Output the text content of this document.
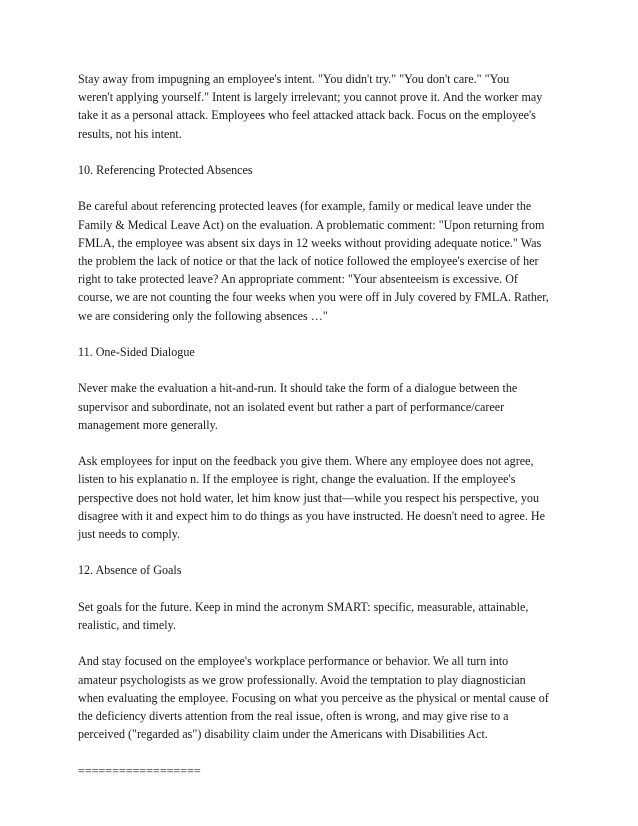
Stay away from impugning an employee's intent. "You didn't try." "You don't care." "You
weren't applying yourself." Intent is largely irrelevant; you cannot prove it. And the worker may
take it as a personal attack. Employees who feel attacked attack back. Focus on the employee's
results, not his intent.
10. Referencing Protected Absences
Be careful about referencing protected leaves (for example, family or medical leave under the
Family & Medical Leave Act) on the evaluation. A problematic comment: "Upon returning from
FMLA, the employee was absent six days in 12 weeks without providing adequate notice." Was
the problem the lack of notice or that the lack of notice followed the employee's exercise of her
right to take protected leave? An appropriate comment: "Your absenteeism is excessive. Of
course, we are not counting the four weeks when you were off in July covered by FMLA. Rather,
we are considering only the following absences …"
11. One-Sided Dialogue
Never make the evaluation a hit-and-run. It should take the form of a dialogue between the
supervisor and subordinate, not an isolated event but rather a part of performance/career
management more generally.
Ask employees for input on the feedback you give them. Where any employee does not agree,
listen to his explanatio n. If the employee is right, change the evaluation. If the employee's
perspective does not hold water, let him know just that—while you respect his perspective, you
disagree with it and expect him to do things as you have instructed. He doesn't need to agree. He
just needs to comply.
12. Absence of Goals
Set goals for the future. Keep in mind the acronym SMART: specific, measurable, attainable,
realistic, and timely.
And stay focused on the employee's workplace performance or behavior. We all turn into
amateur psychologists as we grow professionally. Avoid the temptation to play diagnostician
when evaluating the employee. Focusing on what you perceive as the physical or mental cause of
the deficiency diverts attention from the real issue, often is wrong, and may give rise to a
perceived ("regarded as") disability claim under the Americans with Disabilities Act.
==================
